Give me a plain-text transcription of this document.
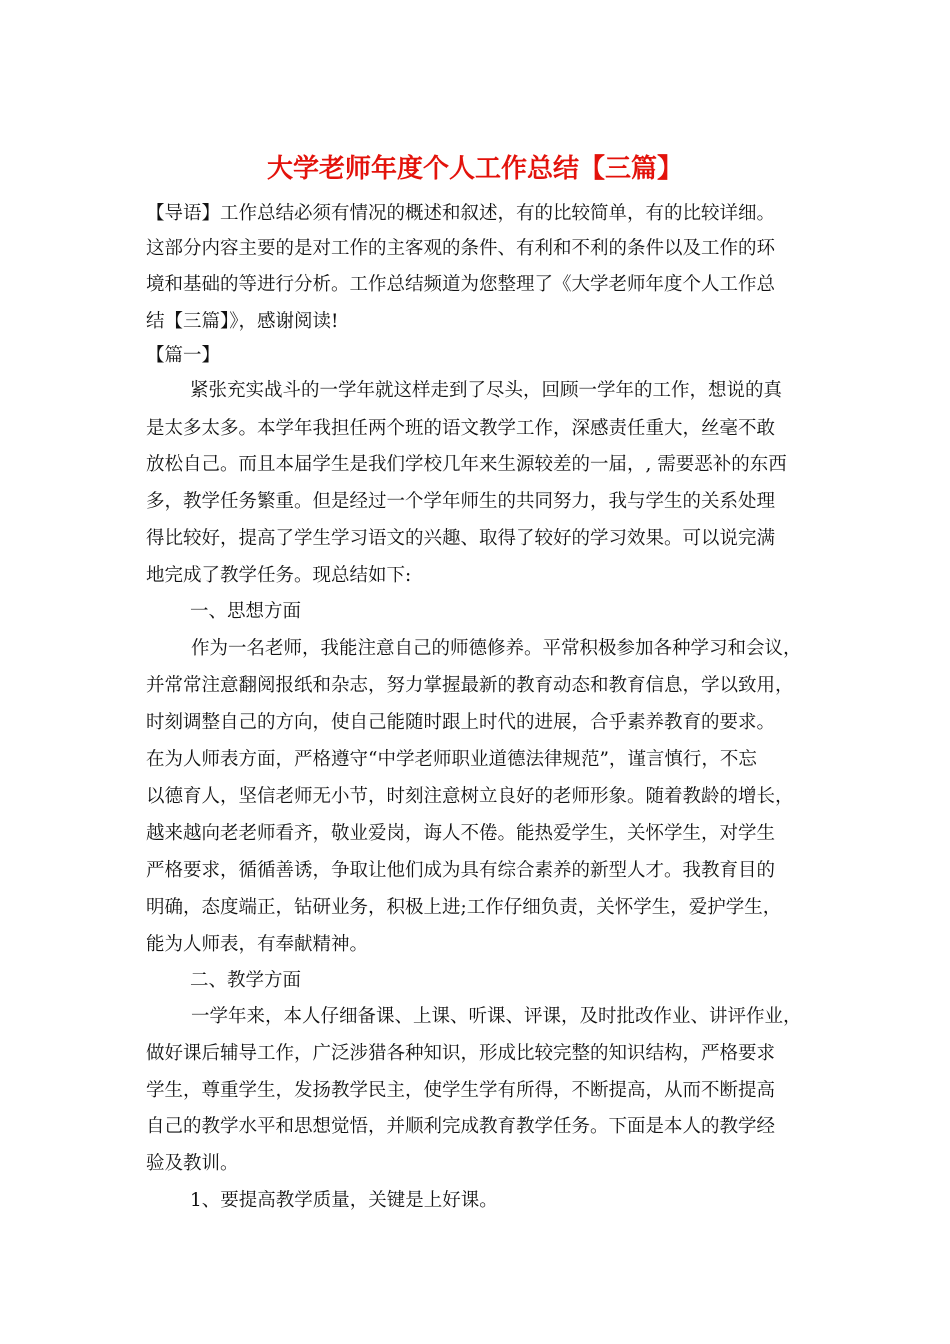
大学老师年度个人工作总结【三篇】

【导语】工作总结必须有情况的概述和叙述，有的比较简单，有的比较详细。

这部分内容主要的是对工作的主客观的条件、有利和不利的条件以及工作的环

境和基础的等进行分析。工作总结频道为您整理了《大学老师年度个人工作总

结【三篇】》，感谢阅读!

【篇一】

紧张充实战斗的一学年就这样走到了尽头，回顾一学年的工作，想说的真

是太多太多。本学年我担任两个班的语文教学工作，深感责任重大，丝毫不敢

放松自己。而且本届学生是我们学校几年来生源较差的一届，, 需要恶补的东西

多，教学任务繁重。但是经过一个学年师生的共同努力，我与学生的关系处理

得比较好，提高了学生学习语文的兴趣、取得了较好的学习效果。可以说完满

地完成了教学任务。现总结如下:

一、思想方面

作为一名老师，我能注意自己的师德修养。平常积极参加各种学习和会议，

并常常注意翻阅报纸和杂志，努力掌握最新的教育动态和教育信息，学以致用，

时刻调整自己的方向，使自己能随时跟上时代的进展，合乎素养教育的要求。

在为人师表方面，严格遵守“中学老师职业道德法律规范”，谨言慎行，不忘

以德育人，坚信老师无小节，时刻注意树立良好的老师形象。随着教龄的增长，

越来越向老老师看齐，敬业爱岗，诲人不倦。能热爱学生，关怀学生，对学生

严格要求，循循善诱，争取让他们成为具有综合素养的新型人才。我教育目的

明确，态度端正，钻研业务，积极上进;工作仔细负责，关怀学生，爱护学生，

能为人师表，有奉献精神。

二、教学方面

一学年来，本人仔细备课、上课、听课、评课，及时批改作业、讲评作业，

做好课后辅导工作，广泛涉猎各种知识，形成比较完整的知识结构，严格要求

学生，尊重学生，发扬教学民主，使学生学有所得，不断提高，从而不断提高

自己的教学水平和思想觉悟，并顺利完成教育教学任务。下面是本人的教学经

验及教训。

1、要提高教学质量，关键是上好课。
